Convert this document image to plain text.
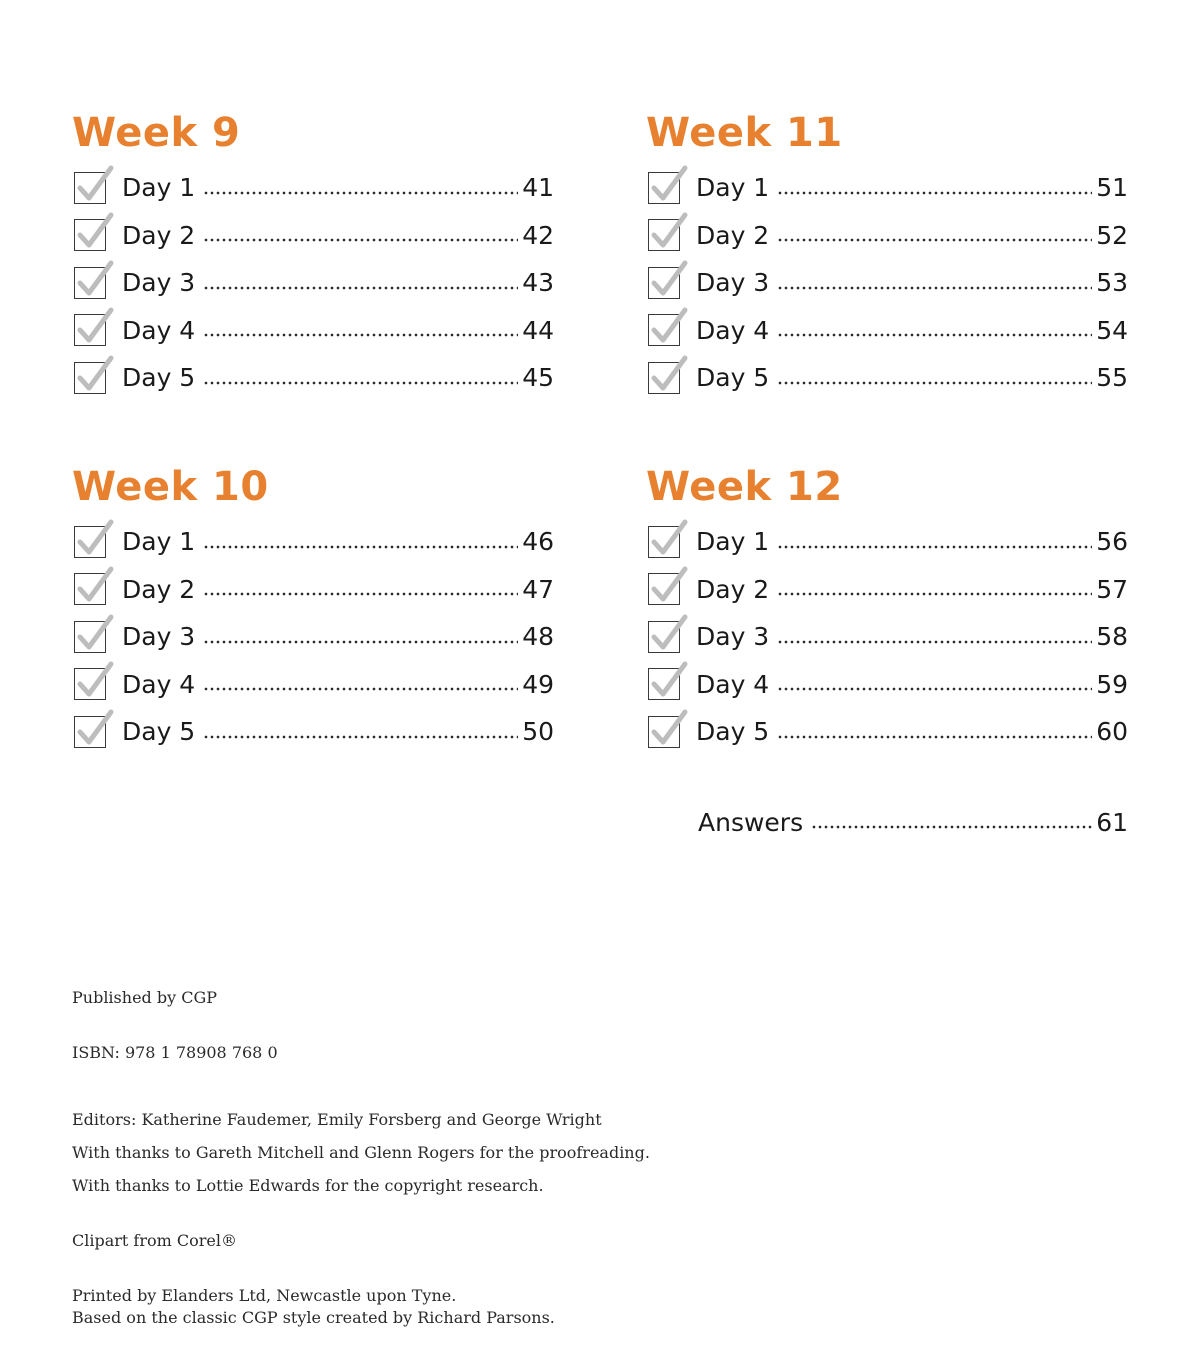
Week 9
Day 1	41
Day 2	42
Day 3	43
Day 4	44
Day 5	45
Week 11
Day 1	51
Day 2	52
Day 3	53
Day 4	54
Day 5	55
Week 10
Day 1	46
Day 2	47
Day 3	48
Day 4	49
Day 5	50
Week 12
Day 1	56
Day 2	57
Day 3	58
Day 4	59
Day 5	60
Answers	61
Published by CGP
ISBN: 978 1 78908 768 0
Editors: Katherine Faudemer, Emily Forsberg and George Wright
With thanks to Gareth Mitchell and Glenn Rogers for the proofreading.
With thanks to Lottie Edwards for the copyright research.
Clipart from Corel®
Printed by Elanders Ltd, Newcastle upon Tyne.
Based on the classic CGP style created by Richard Parsons.
